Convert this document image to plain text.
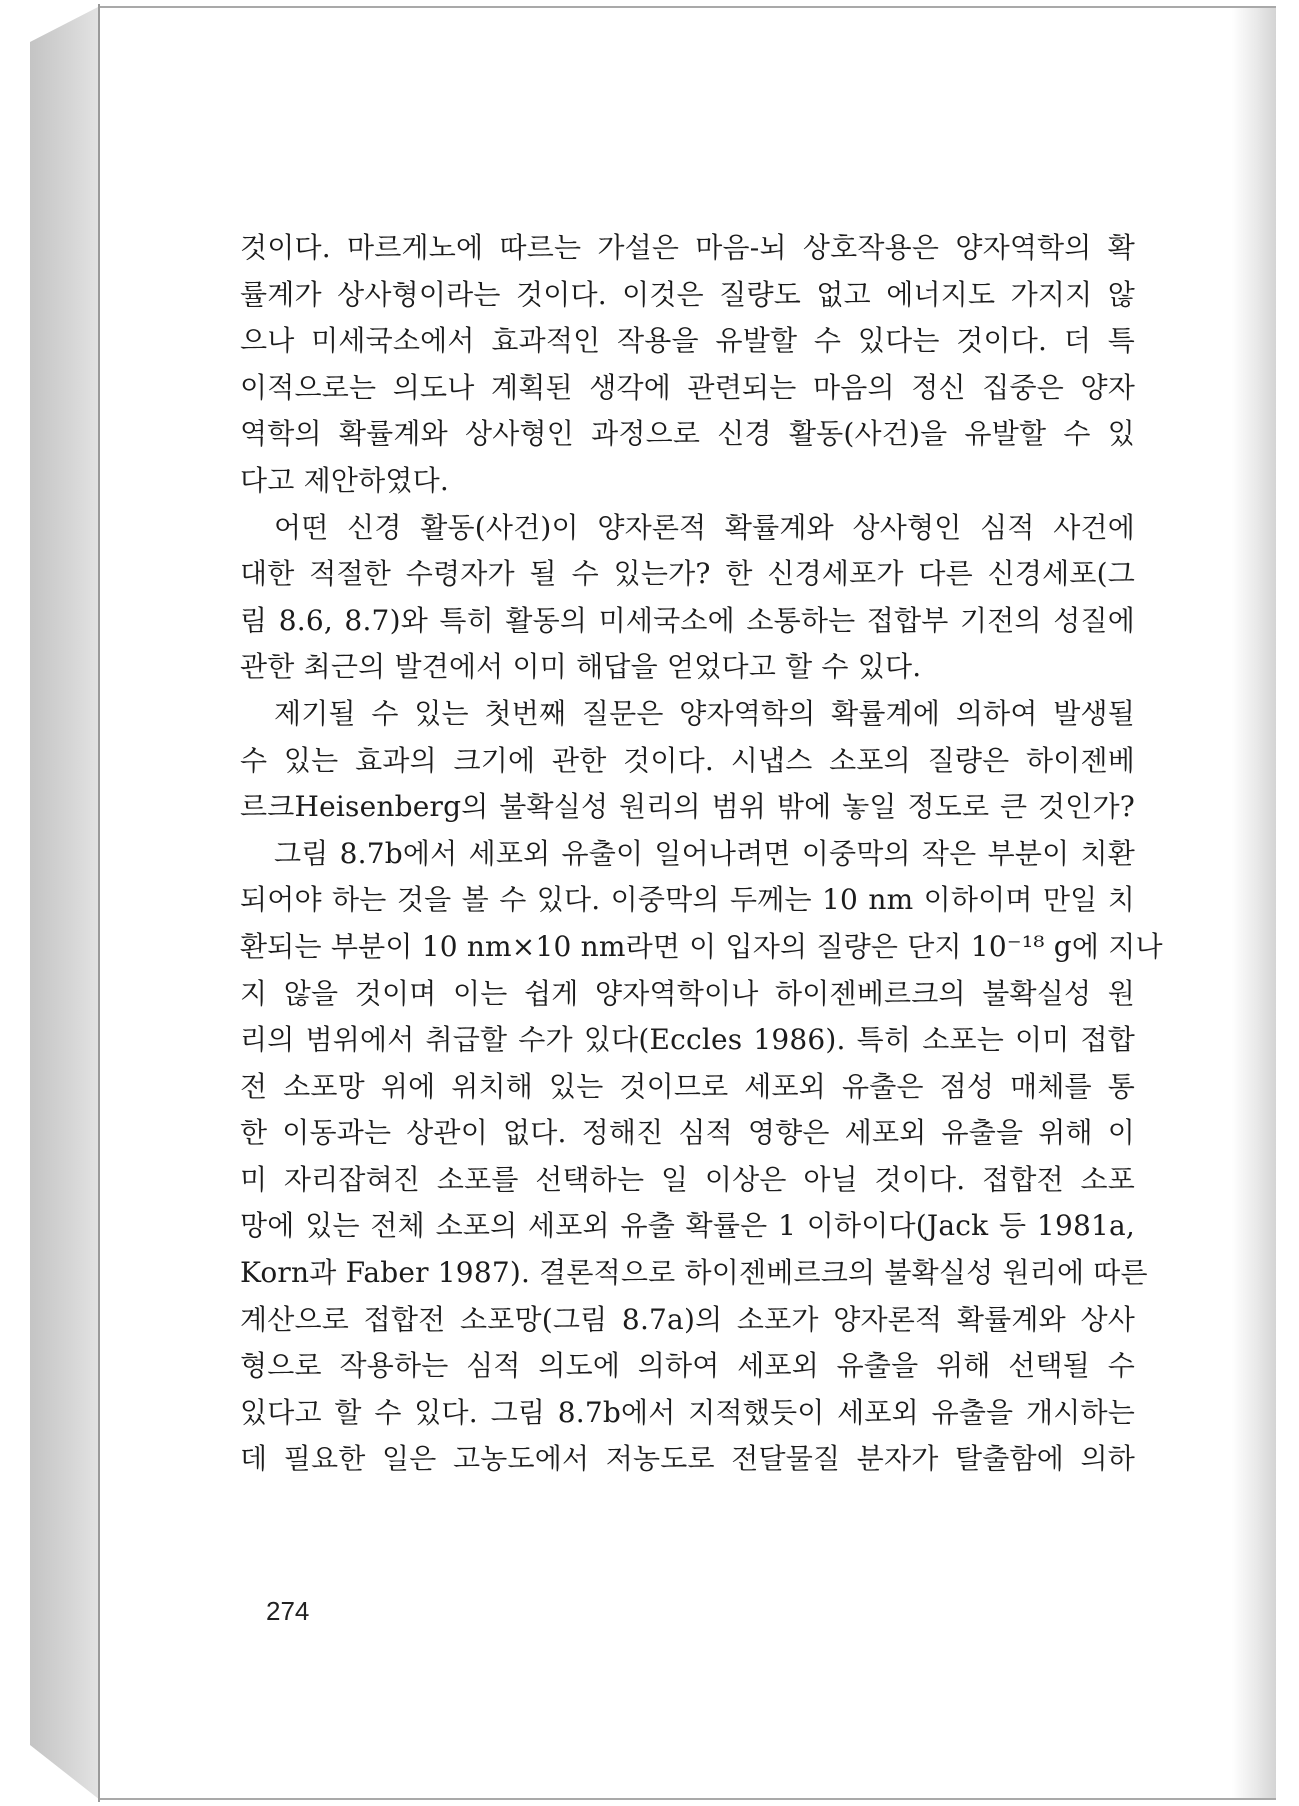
것이다. 마르게노에 따르는 가설은 마음-뇌 상호작용은 양자역학의 확
률계가 상사형이라는 것이다. 이것은 질량도 없고 에너지도 가지지 않
으나 미세국소에서 효과적인 작용을 유발할 수 있다는 것이다. 더 특
이적으로는 의도나 계획된 생각에 관련되는 마음의 정신 집중은 양자
역학의 확률계와 상사형인 과정으로 신경 활동(사건)을 유발할 수 있
다고 제안하였다.
어떤 신경 활동(사건)이 양자론적 확률계와 상사형인 심적 사건에
대한 적절한 수령자가 될 수 있는가? 한 신경세포가 다른 신경세포(그
림 8.6, 8.7)와 특히 활동의 미세국소에 소통하는 접합부 기전의 성질에
관한 최근의 발견에서 이미 해답을 얻었다고 할 수 있다.
제기될 수 있는 첫번째 질문은 양자역학의 확률계에 의하여 발생될
수 있는 효과의 크기에 관한 것이다. 시냅스 소포의 질량은 하이젠베
르크Heisenberg의 불확실성 원리의 범위 밖에 놓일 정도로 큰 것인가?
그림 8.7b에서 세포외 유출이 일어나려면 이중막의 작은 부분이 치환
되어야 하는 것을 볼 수 있다. 이중막의 두께는 10 nm 이하이며 만일 치
환되는 부분이 10 nm×10 nm라면 이 입자의 질량은 단지 10⁻¹⁸ g에 지나
지 않을 것이며 이는 쉽게 양자역학이나 하이젠베르크의 불확실성 원
리의 범위에서 취급할 수가 있다(Eccles 1986). 특히 소포는 이미 접합
전 소포망 위에 위치해 있는 것이므로 세포외 유출은 점성 매체를 통
한 이동과는 상관이 없다. 정해진 심적 영향은 세포외 유출을 위해 이
미 자리잡혀진 소포를 선택하는 일 이상은 아닐 것이다. 접합전 소포
망에 있는 전체 소포의 세포외 유출 확률은 1 이하이다(Jack 등 1981a,
Korn과 Faber 1987). 결론적으로 하이젠베르크의 불확실성 원리에 따른
계산으로 접합전 소포망(그림 8.7a)의 소포가 양자론적 확률계와 상사
형으로 작용하는 심적 의도에 의하여 세포외 유출을 위해 선택될 수
있다고 할 수 있다. 그림 8.7b에서 지적했듯이 세포외 유출을 개시하는
데 필요한 일은 고농도에서 저농도로 전달물질 분자가 탈출함에 의하
274
